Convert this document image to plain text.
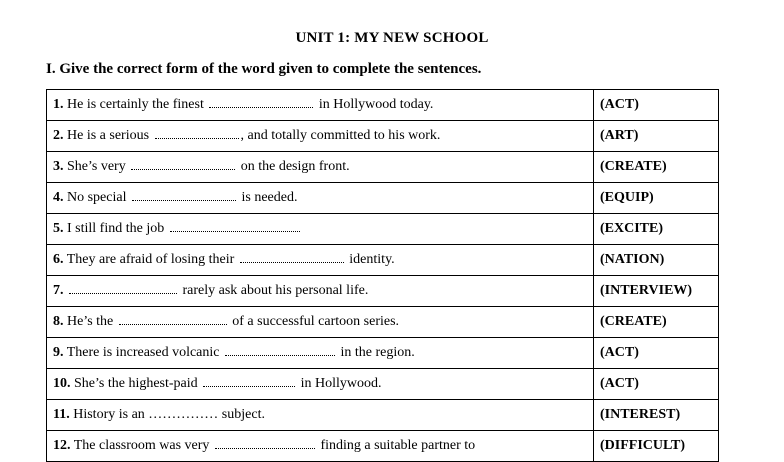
UNIT 1: MY NEW SCHOOL
I. Give the correct form of the word given to complete the sentences.
1. He is certainly the finest in Hollywood today.	(ACT)
2. He is a serious , and totally committed to his work.	(ART)
3. She’s very on the design front.	(CREATE)
4. No special is needed.	(EQUIP)
5. I still find the job	(EXCITE)
6. They are afraid of losing their identity.	(NATION)
7. rarely ask about his personal life.	(INTERVIEW)
8. He’s the of a successful cartoon series.	(CREATE)
9. There is increased volcanic in the region.	(ACT)
10. She’s the highest-paid in Hollywood.	(ACT)
11. History is an …………… subject.	(INTEREST)
12. The classroom was very finding a suitable partner to	(DIFFICULT)
